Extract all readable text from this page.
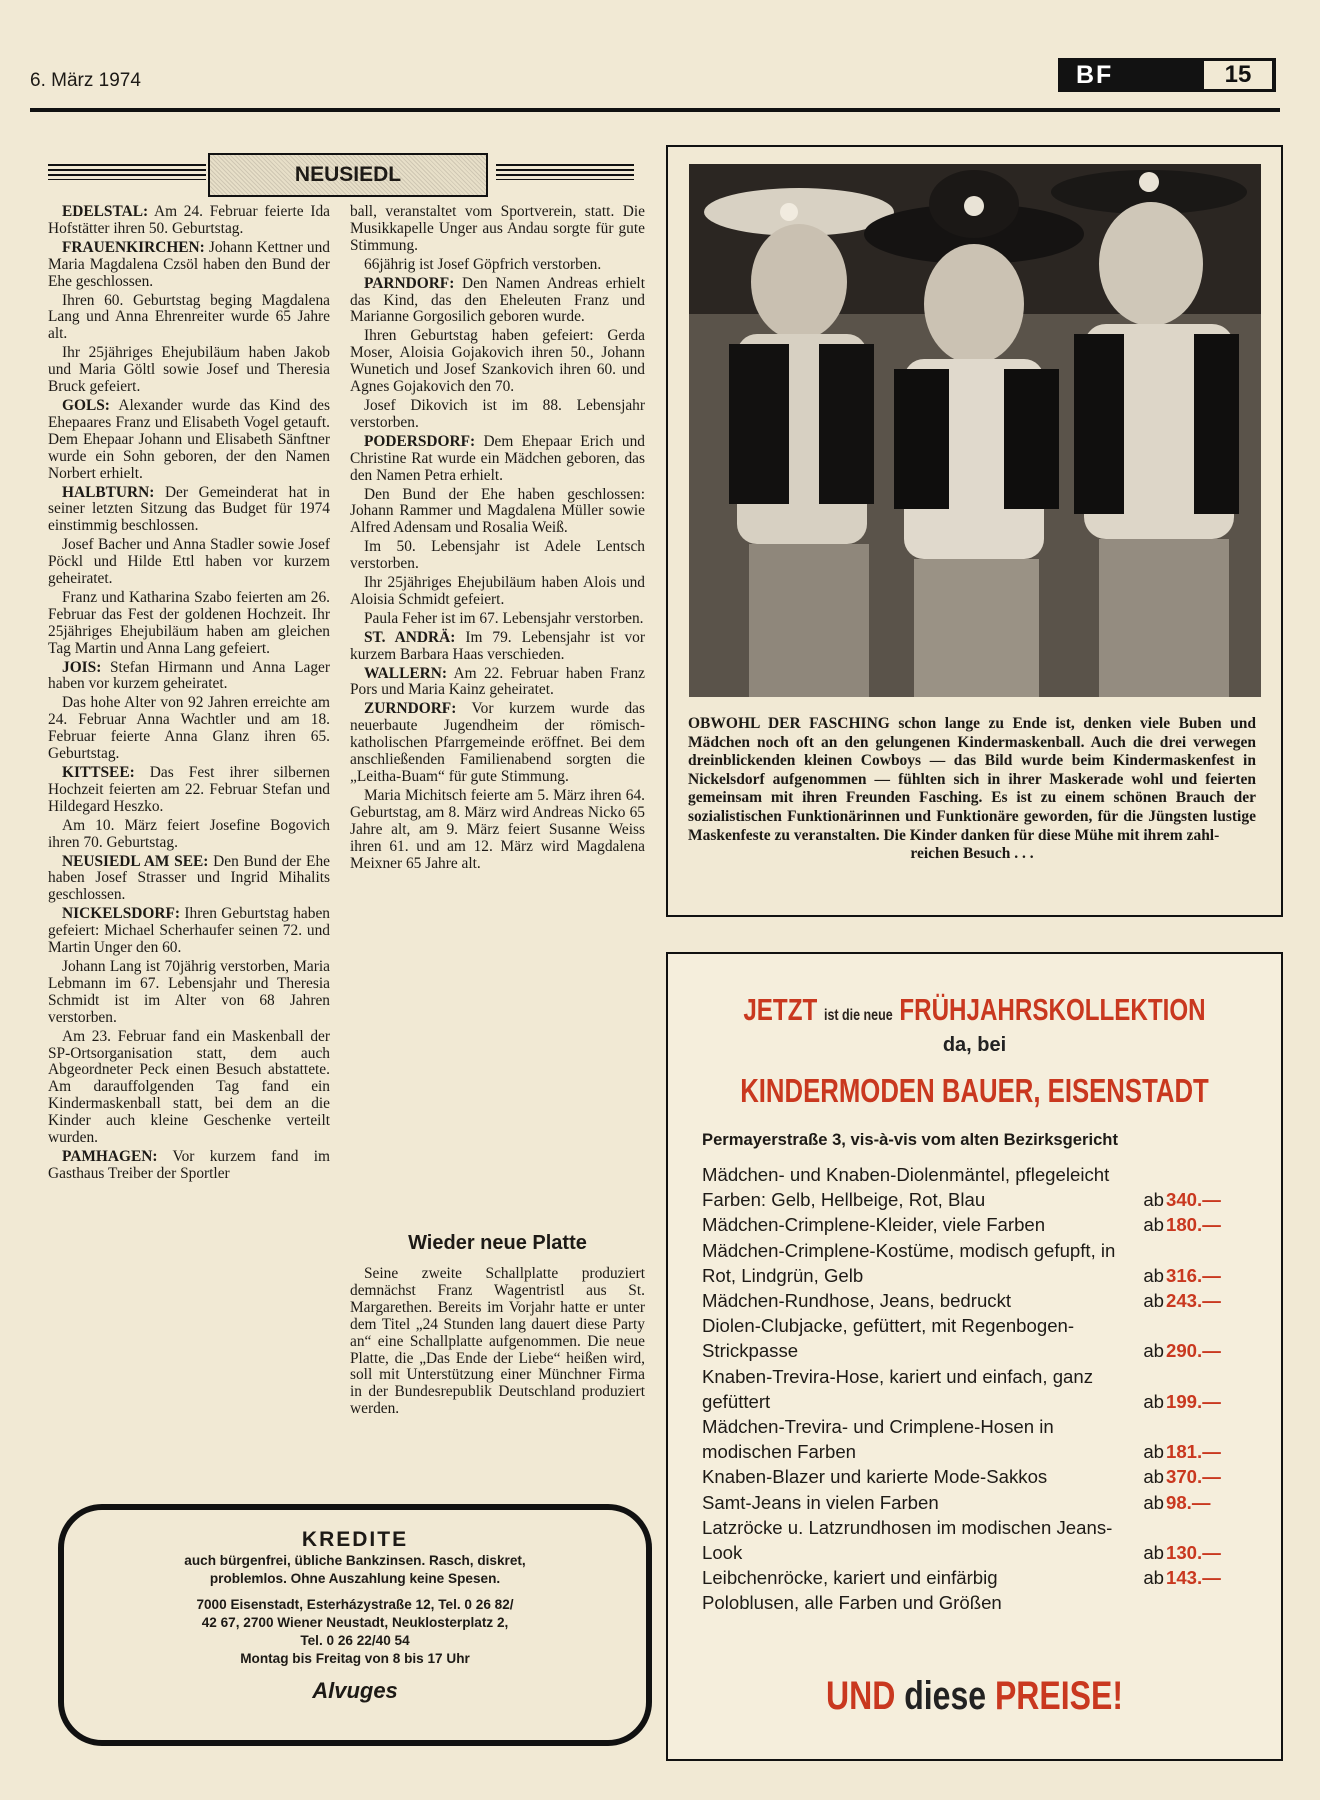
6. März 1974	BF	15
NEUSIEDL

EDELSTAL: Am 24. Februar feierte Ida Hofstätter ihren 50. Geburtstag.

FRAUENKIRCHEN: Johann Kettner und Maria Magdalena Czsöl haben den Bund der Ehe geschlossen.

Ihren 60. Geburtstag beging Magdalena Lang und Anna Ehrenreiter wurde 65 Jahre alt.

Ihr 25jähriges Ehejubiläum haben Jakob und Maria Göltl sowie Josef und Theresia Bruck gefeiert.

GOLS: Alexander wurde das Kind des Ehepaares Franz und Elisabeth Vogel getauft. Dem Ehepaar Johann und Elisabeth Sänftner wurde ein Sohn geboren, der den Namen Norbert erhielt.

HALBTURN: Der Gemeinderat hat in seiner letzten Sitzung das Budget für 1974 einstimmig beschlossen.

Josef Bacher und Anna Stadler sowie Josef Pöckl und Hilde Ettl haben vor kurzem geheiratet.

Franz und Katharina Szabo feierten am 26. Februar das Fest der goldenen Hochzeit. Ihr 25jähriges Ehejubiläum haben am gleichen Tag Martin und Anna Lang gefeiert.

JOIS: Stefan Hirmann und Anna Lager haben vor kurzem geheiratet.

Das hohe Alter von 92 Jahren erreichte am 24. Februar Anna Wachtler und am 18. Februar feierte Anna Glanz ihren 65. Geburtstag.

KITTSEE: Das Fest ihrer silbernen Hochzeit feierten am 22. Februar Stefan und Hildegard Heszko.

Am 10. März feiert Josefine Bogovich ihren 70. Geburtstag.

NEUSIEDL AM SEE: Den Bund der Ehe haben Josef Strasser und Ingrid Mihalits geschlossen.

NICKELSDORF: Ihren Geburtstag haben gefeiert: Michael Scherhaufer seinen 72. und Martin Unger den 60.

Johann Lang ist 70jährig verstorben, Maria Lebmann im 67. Lebensjahr und Theresia Schmidt ist im Alter von 68 Jahren verstorben.

Am 23. Februar fand ein Maskenball der SP-Ortsorganisation statt, dem auch Abgeordneter Peck einen Besuch abstattete. Am darauffolgenden Tag fand ein Kindermaskenball statt, bei dem an die Kinder auch kleine Geschenke verteilt wurden.

PAMHAGEN: Vor kurzem fand im Gasthaus Treiber der Sportler

ball, veranstaltet vom Sportverein, statt. Die Musikkapelle Unger aus Andau sorgte für gute Stimmung.

66jährig ist Josef Göpfrich verstorben.

PARNDORF: Den Namen Andreas erhielt das Kind, das den Eheleuten Franz und Marianne Gorgosilich geboren wurde.

Ihren Geburtstag haben gefeiert: Gerda Moser, Aloisia Gojakovich ihren 50., Johann Wunetich und Josef Szankovich ihren 60. und Agnes Gojakovich den 70.

Josef Dikovich ist im 88. Lebensjahr verstorben.

PODERSDORF: Dem Ehepaar Erich und Christine Rat wurde ein Mädchen geboren, das den Namen Petra erhielt.

Den Bund der Ehe haben geschlossen: Johann Rammer und Magdalena Müller sowie Alfred Adensam und Rosalia Weiß.

Im 50. Lebensjahr ist Adele Lentsch verstorben.

Ihr 25jähriges Ehejubiläum haben Alois und Aloisia Schmidt gefeiert.

Paula Feher ist im 67. Lebensjahr verstorben.

ST. ANDRÄ: Im 79. Lebensjahr ist vor kurzem Barbara Haas verschieden.

WALLERN: Am 22. Februar haben Franz Pors und Maria Kainz geheiratet.

ZURNDORF: Vor kurzem wurde das neuerbaute Jugendheim der römisch-katholischen Pfarrgemeinde eröffnet. Bei dem anschließenden Familienabend sorgten die „Leitha-Buam“ für gute Stimmung.

Maria Michitsch feierte am 5. März ihren 64. Geburtstag, am 8. März wird Andreas Nicko 65 Jahre alt, am 9. März feiert Susanne Weiss ihren 61. und am 12. März wird Magdalena Meixner 65 Jahre alt.

Wieder neue Platte

Seine zweite Schallplatte produziert demnächst Franz Wagentristl aus St. Margarethen. Bereits im Vorjahr hatte er unter dem Titel „24 Stunden lang dauert diese Party an“ eine Schallplatte aufgenommen. Die neue Platte, die „Das Ende der Liebe“ heißen wird, soll mit Unterstützung einer Münchner Firma in der Bundesrepublik Deutschland produziert werden.

KREDITE
auch bürgenfrei, übliche Bankzinsen. Rasch, diskret,
problemlos. Ohne Auszahlung keine Spesen.
7000 Eisenstadt, Esterházystraße 12, Tel. 0 26 82/
42 67, 2700 Wiener Neustadt, Neuklosterplatz 2,
Tel. 0 26 22/40 54
Montag bis Freitag von 8 bis 17 Uhr
Alvuges
OBWOHL DER FASCHING schon lange zu Ende ist, denken viele Buben und Mädchen noch oft an den gelungenen Kindermaskenball. Auch die drei verwegen dreinblickenden kleinen Cowboys — das Bild wurde beim Kindermaskenfest in Nickelsdorf aufgenommen — fühlten sich in ihrer Maskerade wohl und feierten gemeinsam mit ihren Freunden Fasching. Es ist zu einem schönen Brauch der sozialistischen Funktionärinnen und Funktionäre geworden, für die Jüngsten lustige Maskenfeste zu veranstalten. Die Kinder danken für diese Mühe mit ihrem zahl-
reichen Besuch . . .
JETZT ist die neue FRÜHJAHRSKOLLEKTION
da, bei
KINDERMODEN BAUER, EISENSTADT
Permayerstraße 3, vis-à-vis vom alten Bezirksgericht
Mädchen- und Knaben-Diolenmäntel, pflegeleicht
Farben: Gelb, Hellbeige, Rot, Blau	ab 340.—
Mädchen-Crimplene-Kleider, viele Farben	ab 180.—
Mädchen-Crimplene-Kostüme, modisch gefupft, in Rot, Lindgrün, Gelb	ab 316.—
Mädchen-Rundhose, Jeans, bedruckt	ab 243.—
Diolen-Clubjacke, gefüttert, mit Regenbogen-Strickpasse	ab 290.—
Knaben-Trevira-Hose, kariert und einfach, ganz gefüttert	ab 199.—
Mädchen-Trevira- und Crimplene-Hosen in modischen Farben	ab 181.—
Knaben-Blazer und karierte Mode-Sakkos	ab 370.—
Samt-Jeans in vielen Farben	ab 98.—
Latzröcke u. Latzrundhosen im modischen Jeans-Look	ab 130.—
Leibchenröcke, kariert und einfärbig	ab 143.—
Poloblusen, alle Farben und Größen
UND diese PREISE!
